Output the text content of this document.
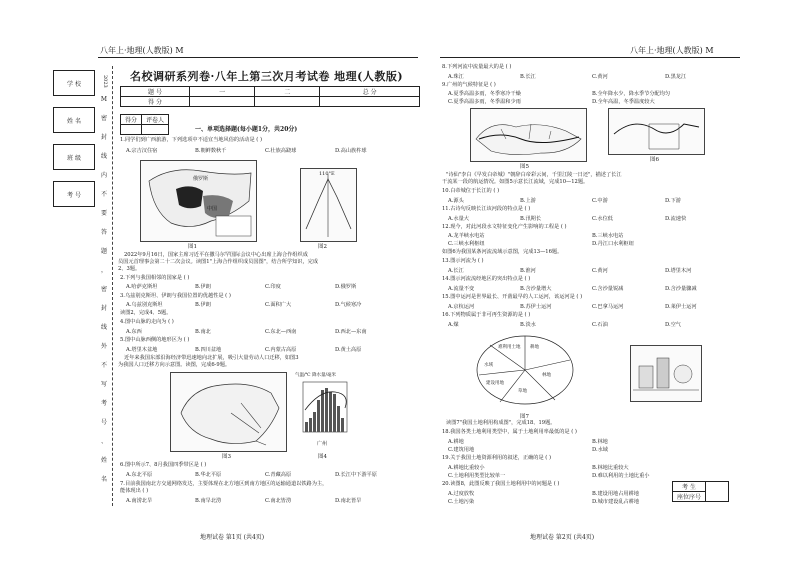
八年上·地理(人教版) M	八年上·地理(人教版) M
学 校
姓 名
班 级
考 号
2023 名校调研系列卷·八年上第三次月考试卷 地理(人教版)
题 号	一	二	总 分
得 分			
得分	评卷人

一、单项选择题(每小题1分，共20分)
1.同学们到广西旅游，下列选项中不适宜当地风俗的活动是 ( )
A.宗吉汉住宿	B.朝鲜数秋千	C.壮族高跷球	D.高山族杵球
俄罗斯
中国
图1
110°E
图2
2022年9月16日，国家主席习近平在撒马尔罕国际会议中心出席上海合作组织成
员国元首理事会第二十二次会议。读图1"上海合作组织成员国图"，结合所学知识，完成
2、3题。
2.下列与我国相邻的国家是 ( )
A.哈萨克斯坦	B.伊朗	C.印度	D.俄罗斯
3.乌兹别克斯坦、伊朗与我国位置的优越性是 ( )
A.乌兹别克斯坦	B.伊朗	C.面积广大	D.气候寒冷
读图2，完成4、5题。
4.图中山脉的走向为 ( )
A.东西	B.南北	C.东北—西南	D.西北—东南
5.图中山脉西侧的地形区为 ( )
A.塔里木盆地	B.四川盆地	C.内蒙古高原	D.黄土高原
近年来我国东部沿海经济带迅速地向北扩展，吸引大量劳动人口迁移，如图3
为我国人口迁移方向示意图。读图，完成6-9题。
图3
气温/℃ 降水量/毫米
广州
图4
6.图中所示7、8月我国四季带区是 ( )
A.东北平原	B.华北平原	C.青藏高原	D.长江中下游平原
7.目前我国南北方交通网络发达，主要体现在北方地区到南方地区的运输通道以铁路为主，
能体现出 ( )
A.南涝北旱	B.南旱北涝	C.南北皆涝	D.南北皆旱
地理试卷 第1页 (共4页)
8.下列河流中流量最大的是 ( )
A.珠江	B.长江	C.黄河	D.黑龙江
9.广州的气候特征是 ( )
A.夏季高温多雨，冬季寒冷干燥	B.全年降水少，降水季节分配均匀
C.夏季高温多雨，冬季温和少雨	D.全年高温，冬季温度较大
图5
图6
"诗仙"李白《早发白帝城》"朝辞白帝彩云间，千里江陵一日还"，描述了长江
干流某一段的航运情况。如图5示意长江流域，完成10—12题。
10.白帝城位于长江的 ( )
A.源头	B.上游	C.中游	D.下游
11.古诗句反映长江该河段的特点是 ( )
A.水量大	B.汛期长	C.水位低	D.流速快
12.现今，对此河段水文特征变化产生影响的工程是 ( )
A.龙羊峡水电站	B.三峡水电站
C.三峡水利枢纽	D.丹江口水利枢纽
如图6为我国某条河流流域示意图，完成13—16题。
13.图示河流为 ( )
A.长江	B.淮河	C.黄河	D.塔里木河
14.图示河流流经地区的突出特点是 ( )
A.流量不变	B.含沙量增大	C.含沙量锐减	D.含沙量骤减
15.图中运河是世界最长、开凿最早的人工运河，该运河是 ( )
A.京杭运河	B.苏伊士运河	C.巴拿马运河	D.莱伊士运河
16.下列物质属于非可再生资源的是 ( )
A.煤	B.淡水	C.石油	D.空气
耕地
林地
草地
建设用地
水域
难利用土地
图7
读图7"我国土地利用构成图"，完成18、19题。
18.我国各类土地利用类型中，属于土地利用率最低的是 ( )
A.耕地	B.林地
C.建筑用地	D.水域
19.关于我国土地资源利用的叙述，正确的是 ( )
A.耕地比重较小	B.林地比重较大
C.土地利用类型比较单一	D.难以利用的土地比重小
20.读图8，此图反映了我国土地利用中的问题是 ( )
A.过度放牧	B.建设用地占用耕地
C.土地污染	D.城市建设乱占耕地
考 生	
座位序号
地理试卷 第2页 (共4页)
M
密
封
线
内
不
要
答
题
，
密
封
线
外
不
写
考
号
、
姓
名
